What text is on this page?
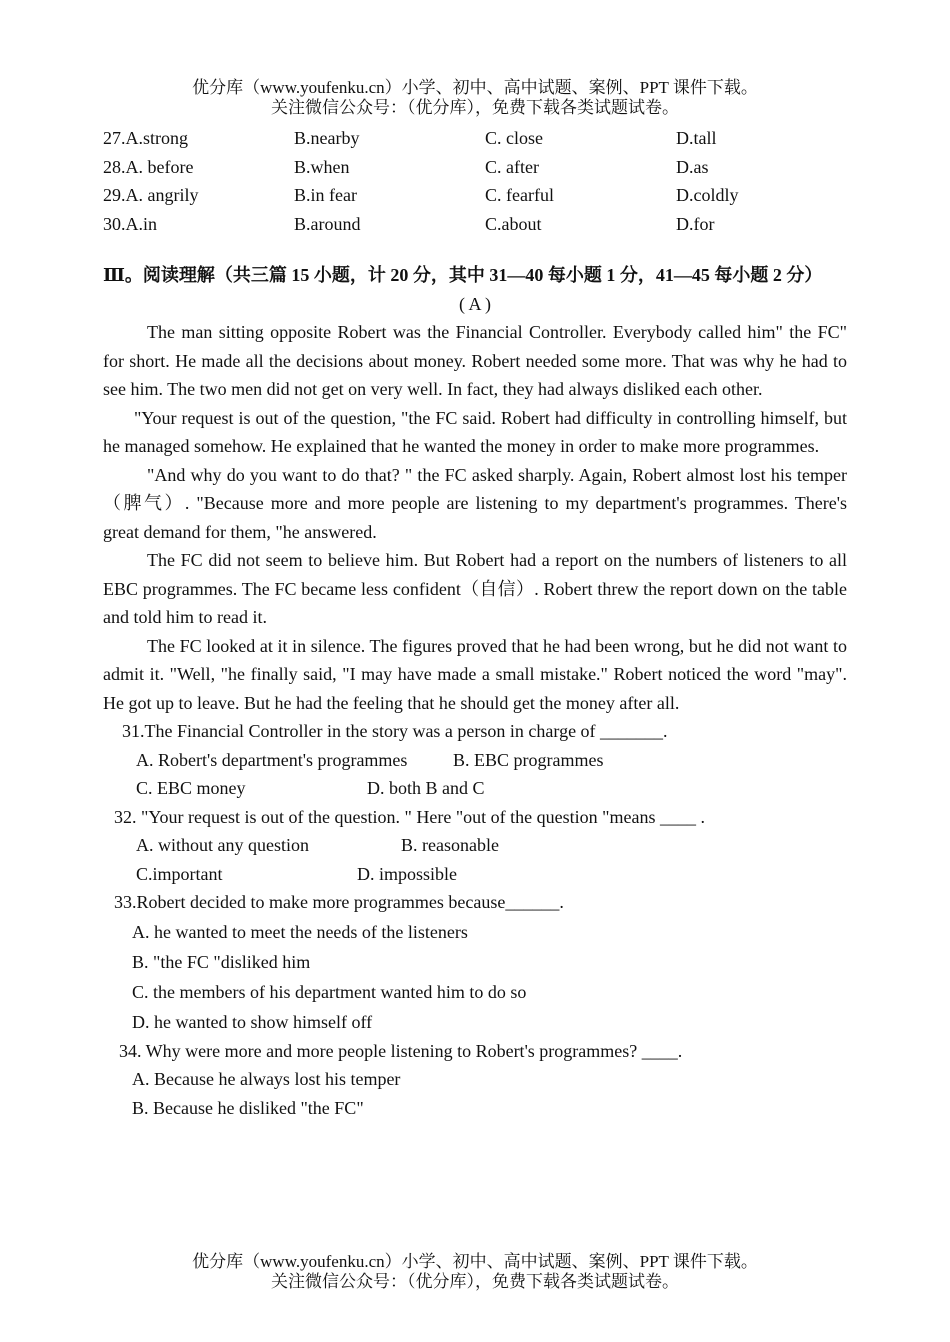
优分库（www.youfenku.cn）小学、初中、高中试题、案例、PPT 课件下载。
关注微信公众号：（优分库），免费下载各类试题试卷。
27.A.strong	B.nearby	C. close	D.tall
28.A. before	B.when	C. after	D.as
29.A. angrily	B.in fear	C. fearful	D.coldly
30.A.in	B.around	C.about	D.for
Ⅲ。阅读理解（共三篇 15 小题，计 20 分，其中 31—40 每小题 1 分，41—45 每小题 2 分）
( A )

The man sitting opposite Robert was the Financial Controller. Everybody called him" the FC" for short. He made all the decisions about money. Robert needed some more. That was why he had to see him. The two men did not get on very well. In fact, they had always disliked each other.

"Your request is out of the question, "the FC said. Robert had difficulty in controlling himself, but he managed somehow. He explained that he wanted the money in order to make more programmes.

"And why do you want to do that? " the FC asked sharply. Again, Robert almost lost his temper（脾气）. "Because more and more people are listening to my department's programmes. There's great demand for them, "he answered.

The FC did not seem to believe him. But Robert had a report on the numbers of listeners to all EBC programmes. The FC became less confident（自信）. Robert threw the report down on the table and told him to read it.

The FC looked at it in silence. The figures proved that he had been wrong, but he did not want to admit it. "Well, "he finally said, "I may have made a small mistake." Robert noticed the word "may". He got up to leave. But he had the feeling that he should get the money after all.

31.The Financial Controller in the story was a person in charge of _______.
A. Robert's department's programmes	B. EBC programmes
C. EBC money	D. both B and C
32. "Your request is out of the question. " Here "out of the question "means ____ .
A. without any question	B. reasonable
C.important	D. impossible
33.Robert decided to make more programmes because______.
A. he wanted to meet the needs of the listeners
B. "the FC "disliked him
C. the members of his department wanted him to do so
D. he wanted to show himself off
34. Why were more and more people listening to Robert's programmes? ____.
A. Because he always lost his temper
B. Because he disliked "the FC"
优分库（www.youfenku.cn）小学、初中、高中试题、案例、PPT 课件下载。
关注微信公众号：（优分库），免费下载各类试题试卷。
